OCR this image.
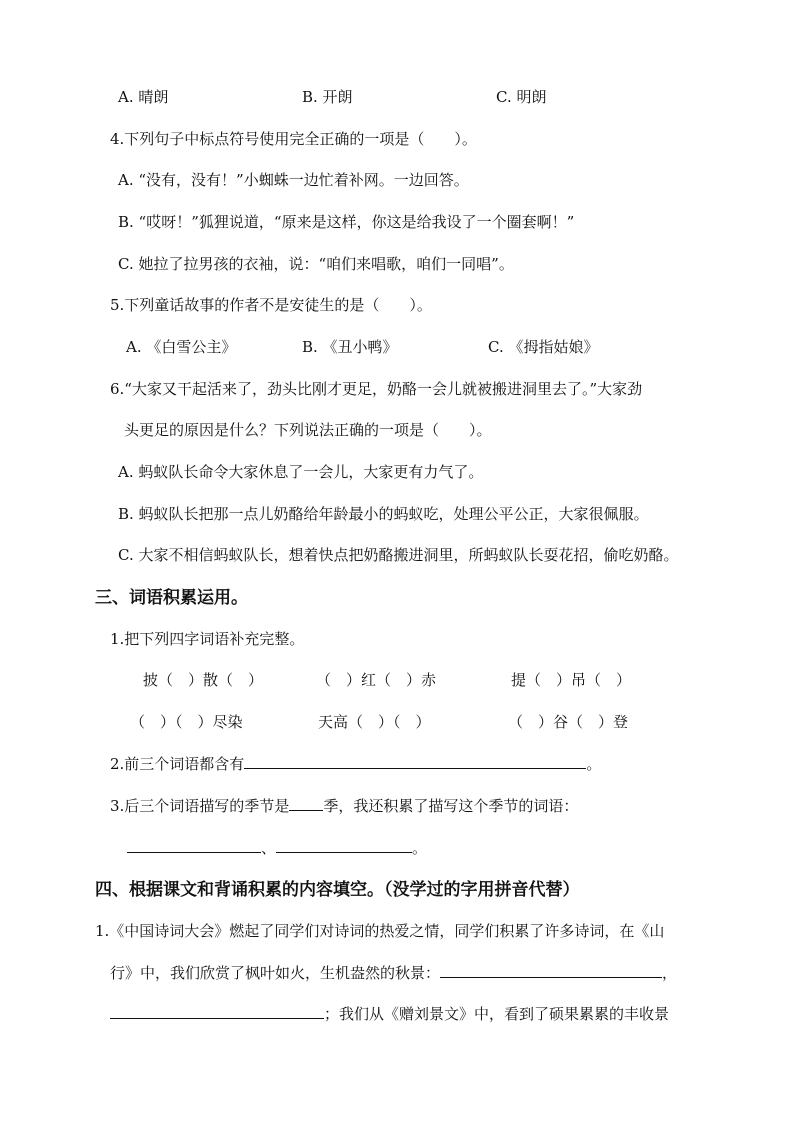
A. 晴朗	B. 开朗	C. 明朗
4.下列句子中标点符号使用完全正确的一项是（　　）。
A. “没有，没有！”小蜘蛛一边忙着补网。一边回答。
B. “哎呀！”狐狸说道，“原来是这样，你这是给我设了一个圈套啊！”
C. 她拉了拉男孩的衣袖，说：“咱们来唱歌，咱们一同唱”。
5.下列童话故事的作者不是安徒生的是（　　）。
A. 《白雪公主》	B. 《丑小鸭》	C. 《拇指姑娘》
6.“大家又干起活来了，劲头比刚才更足，奶酪一会儿就被搬进洞里去了。”大家劲
头更足的原因是什么？下列说法正确的一项是（　　）。
A. 蚂蚁队长命令大家休息了一会儿，大家更有力气了。
B. 蚂蚁队长把那一点儿奶酪给年龄最小的蚂蚁吃，处理公平公正，大家很佩服。
C. 大家不相信蚂蚁队长，想着快点把奶酪搬进洞里，所蚂蚁队长耍花招，偷吃奶酪。
三、词语积累运用。
1.把下列四字词语补充完整。
披（　）散（　）	（　）红（　）赤	提（　）吊（　）
（　）（　）尽染	天高（　）（　）	（　）谷（　）登
2.前三个词语都含有	。
3.后三个词语描写的季节是 季，我还积累了描写这个季节的词语：
、	。
四、根据课文和背诵积累的内容填空。（没学过的字用拼音代替）
1.《中国诗词大会》燃起了同学们对诗词的热爱之情，同学们积累了许多诗词，在《山
行》中，我们欣赏了枫叶如火，生机盎然的秋景：	，
；我们从《赠刘景文》中，看到了硕果累累的丰收景
